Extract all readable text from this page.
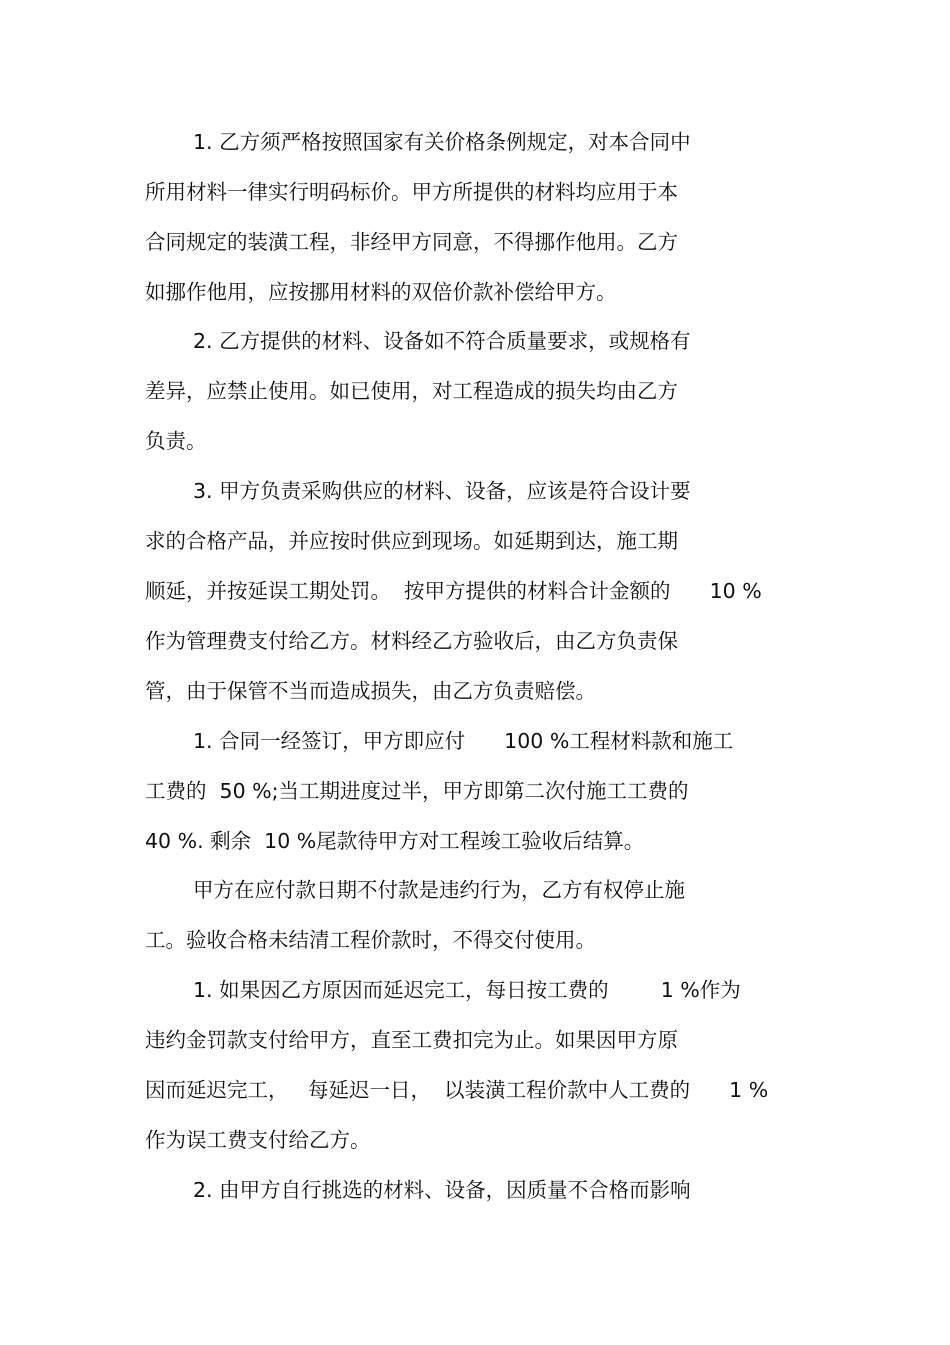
1. 乙方须严格按照国家有关价格条例规定，对本合同中
所用材料一律实行明码标价。甲方所提供的材料均应用于本
合同规定的装潢工程，非经甲方同意，不得挪作他用。乙方
如挪作他用，应按挪用材料的双倍价款补偿给甲方。
2. 乙方提供的材料、设备如不符合质量要求，或规格有
差异，应禁止使用。如已使用，对工程造成的损失均由乙方
负责。
3. 甲方负责采购供应的材料、设备，应该是符合设计要
求的合格产品，并应按时供应到现场。如延期到达，施工期
顺延，并按延误工期处罚。  按甲方提供的材料合计金额的      10 %
作为管理费支付给乙方。材料经乙方验收后，由乙方负责保
管，由于保管不当而造成损失，由乙方负责赔偿。
1. 合同一经签订，甲方即应付      100 %工程材料款和施工
工费的  50 %;当工期进度过半，甲方即第二次付施工工费的
40 %. 剩余  10 %尾款待甲方对工程竣工验收后结算。
甲方在应付款日期不付款是违约行为，乙方有权停止施
工。验收合格未结清工程价款时，不得交付使用。
1. 如果因乙方原因而延迟完工，每日按工费的        1 %作为
违约金罚款支付给甲方，直至工费扣完为止。如果因甲方原
因而延迟完工，   每延迟一日，  以装潢工程价款中人工费的      1 %
作为误工费支付给乙方。
2. 由甲方自行挑选的材料、设备，因质量不合格而影响
